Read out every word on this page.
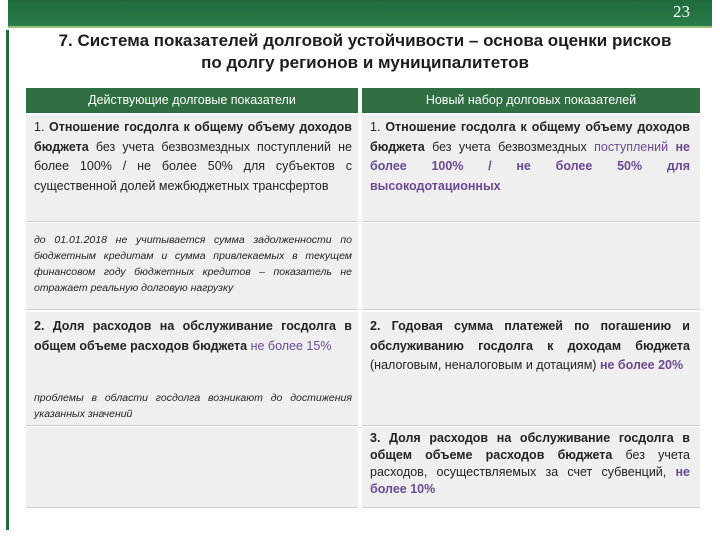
23
7. Система показателей долговой устойчивости – основа оценки рисков
по долгу регионов и муниципалитетов
Действующие долговые показатели	Новый набор долговых показателей

1. Отношение госдолга к общему объему доходов бюджета без учета безвозмездных поступлений не более 100% / не более 50% для субъектов с существенной долей межбюджетных трансфертов

до 01.01.2018 не учитывается сумма задолженности по бюджетным кредитам и сумма привлекаемых в текущем финансовом году бюджетных кредитов – показатель не отражает реальную долговую нагрузку

2. Доля расходов на обслуживание госдолга в общем объеме расходов бюджета не более 15%

проблемы в области госдолга возникают до достижения указанных значений

1. Отношение госдолга к общему объему доходов бюджета без учета безвозмездных поступлений не более 100% / не более 50% для высокодотационных

2. Годовая сумма платежей по погашению и обслуживанию госдолга к доходам бюджета (налоговым, неналоговым и дотациям) не более 20%

3. Доля расходов на обслуживание госдолга в общем объеме расходов бюджета без учета расходов, осуществляемых за счет субвенций, не более 10%
